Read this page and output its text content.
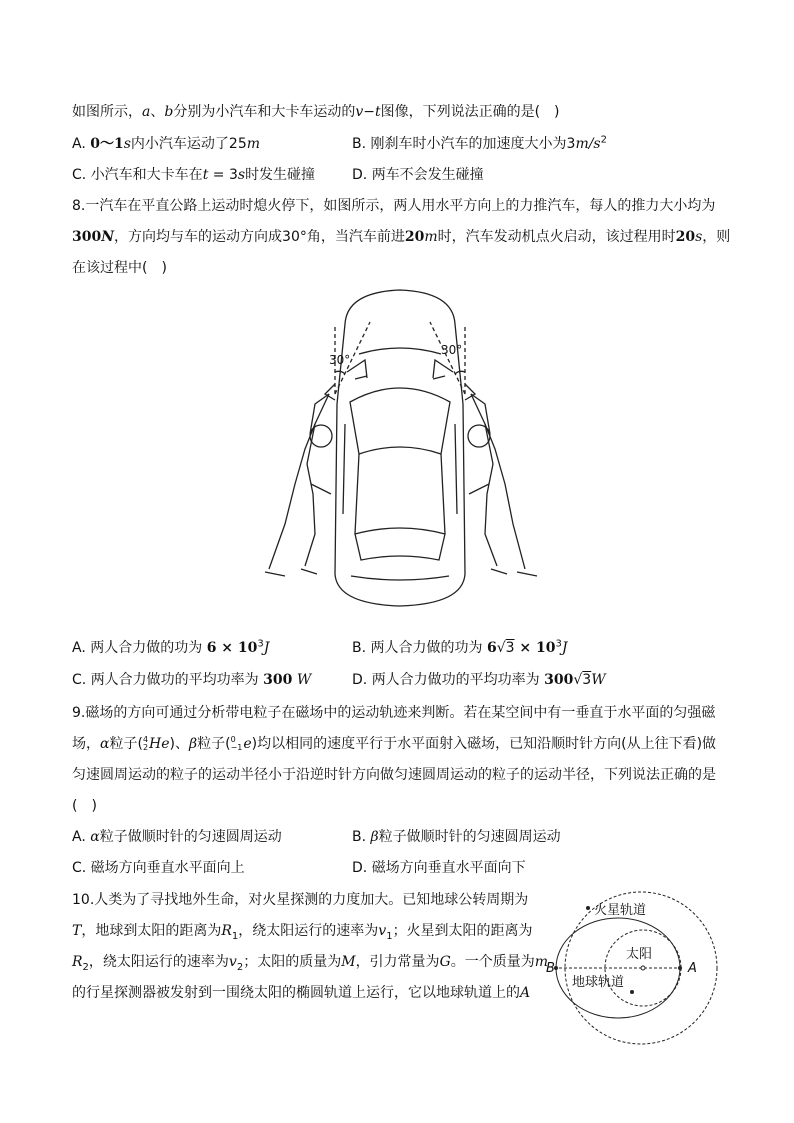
如图所示，a、b分别为小汽车和大卡车运动的v−t图像，下列说法正确的是(　)
A. 0～1s内小汽车运动了25m	B. 刚刹车时小汽车的加速度大小为$3m/s^2$
C. 小汽车和大卡车在t = 3s时发生碰撞	D. 两车不会发生碰撞
8.一汽车在平直公路上运动时熄火停下，如图所示，两人用水平方向上的力推汽车，每人的推力大小均为
300N，方向均与车的运动方向成30°角，当汽车前进20m时，汽车发动机点火启动，该过程用时20s，则
在该过程中(　)
30°
30°
A. 两人合力做的功为 $6 \times 10^3J$	B. 两人合力做的功为 $6√3 \times 10^3J$
C. 两人合力做功的平均功率为 300 W	D. 两人合力做功的平均功率为 300√3W
9.磁场的方向可通过分析带电粒子在磁场中的运动轨迹来判断。若在某空间中有一垂直于水平面的匀强磁
场，α粒子( 4
2 He)、β粒子( 0
−1 e)均以相同的速度平行于水平面射入磁场，已知沿顺时针方向(从上往下看)做
匀速圆周运动的粒子的运动半径小于沿逆时针方向做匀速圆周运动的粒子的运动半径，下列说法正确的是
(　)
A. α粒子做顺时针的匀速圆周运动	B. β粒子做顺时针的匀速圆周运动
C. 磁场方向垂直水平面向上	D. 磁场方向垂直水平面向下
10.人类为了寻找地外生命，对火星探测的力度加大。已知地球公转周期为
T，地球到太阳的距离为$R_1$，绕太阳运行的速率为$v_1$；火星到太阳的距离为
$R_2$，绕太阳运行的速率为$v_2$；太阳的质量为M，引力常量为G。一个质量为m
的行星探测器被发射到一围绕太阳的椭圆轨道上运行，它以地球轨道上的A
火星轨道
太阳
地球轨道
A
B
